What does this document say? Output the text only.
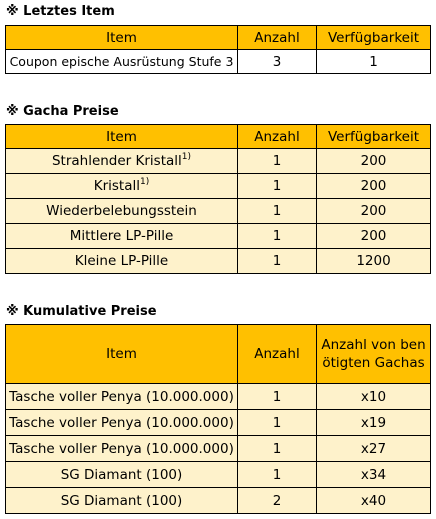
※ Letztes Item
Item	Anzahl	Verfügbarkeit
Coupon epische Ausrüstung Stufe 3	3	1
※ Gacha Preise
Item	Anzahl	Verfügbarkeit
Strahlender Kristall$^{1)}$	1	200
Kristall$^{1)}$	1	200
Wiederbelebungsstein	1	200
Mittlere LP-Pille	1	200
Kleine LP-Pille	1	1200
※ Kumulative Preise
Item	Anzahl	Anzahl von ben ötigten Gachas
Tasche voller Penya (10.000.000)	1	x10
Tasche voller Penya (10.000.000)	1	x19
Tasche voller Penya (10.000.000)	1	x27
SG Diamant (100)	1	x34
SG Diamant (100)	2	x40
